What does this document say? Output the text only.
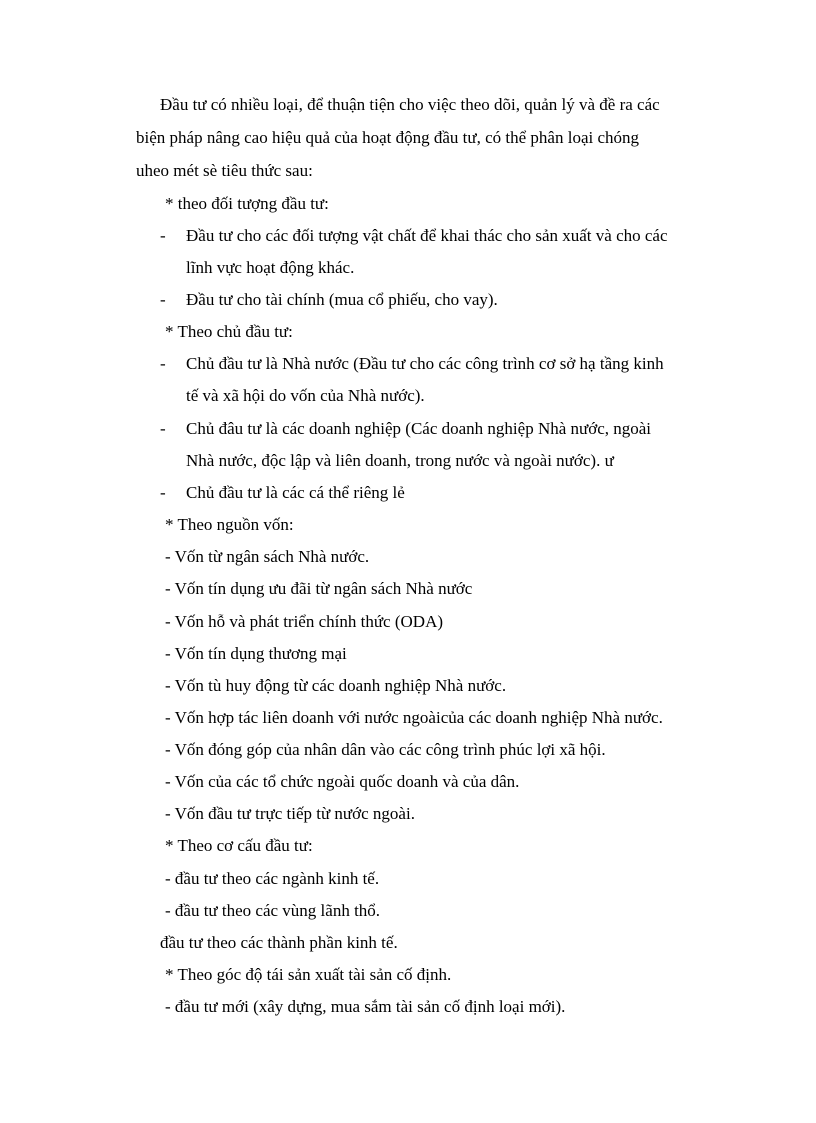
Đầu tư có nhiều loại, để thuận tiện cho việc theo dõi, quản lý và đề ra các
biện pháp nâng cao hiệu quả của hoạt động đầu tư, có thể phân loại chóng
uheo mét sè tiêu thức sau:
* theo đối tượng đầu tư:
- Đầu tư cho các đối tượng vật chất để khai thác cho sản xuất và cho các
lĩnh vực hoạt động khác.
- Đầu tư cho tài chính (mua cổ phiếu, cho vay).
* Theo chủ đầu tư:
- Chủ đầu tư là Nhà nước (Đầu tư cho các công trình cơ sở hạ tầng kinh
tế và xã hội do vốn của Nhà nước).
- Chủ đâu tư là các doanh nghiệp (Các doanh nghiệp Nhà nước, ngoài
Nhà nước, độc lập và liên doanh, trong nước và ngoài nước). ư
- Chủ đầu tư là các cá thể riêng lẻ
* Theo nguồn vốn:
- Vốn từ ngân sách Nhà nước.
- Vốn tín dụng ưu đãi từ ngân sách Nhà nước
- Vốn hỗ và phát triển chính thức (ODA)
- Vốn tín dụng thương mại
- Vốn tù huy động từ các doanh nghiệp Nhà nước.
- Vốn hợp tác liên doanh với nước ngoàicủa các doanh nghiệp Nhà nước.
- Vốn đóng góp của nhân dân vào các công trình phúc lợi xã hội.
- Vốn của các tổ chức ngoài quốc doanh và của dân.
- Vốn đầu tư trực tiếp từ nước ngoài.
* Theo cơ cấu đầu tư:
- đầu tư theo các ngành kinh tế.
- đầu tư theo các vùng lãnh thổ.
đầu tư theo các thành phần kinh tế.
* Theo góc độ tái sản xuất tài sản cố định.
- đầu tư mới (xây dựng, mua sắm tài sản cố định loại mới).
